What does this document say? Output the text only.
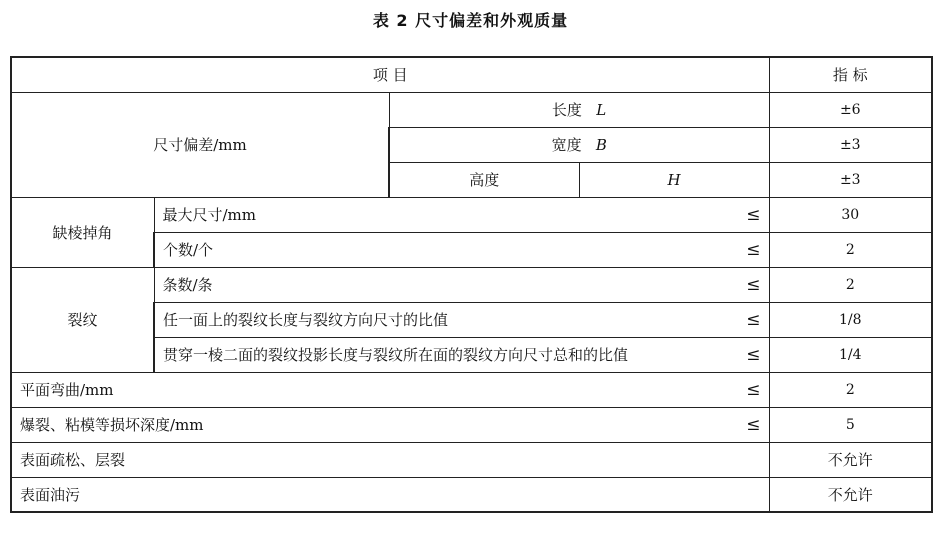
表 2 尺寸偏差和外观质量
项 目				指 标
尺寸偏差/mm		长度 L		±6
		宽度 B		±3
		高度	H	±3
缺棱掉角	最大尺寸/mm ≤			30

	个数/个 ≤			2
裂纹	条数/条 ≤			2

	任一面上的裂纹长度与裂纹方向尺寸的比值 ≤			1/8

	贯穿一棱二面的裂纹投影长度与裂纹所在面的裂纹方向尺寸总和的比值 ≤			1/4

平面弯曲/mm ≤				2

爆裂、粘模等损坏深度/mm ≤				5
表面疏松、层裂				不允许
表面油污				不允许
